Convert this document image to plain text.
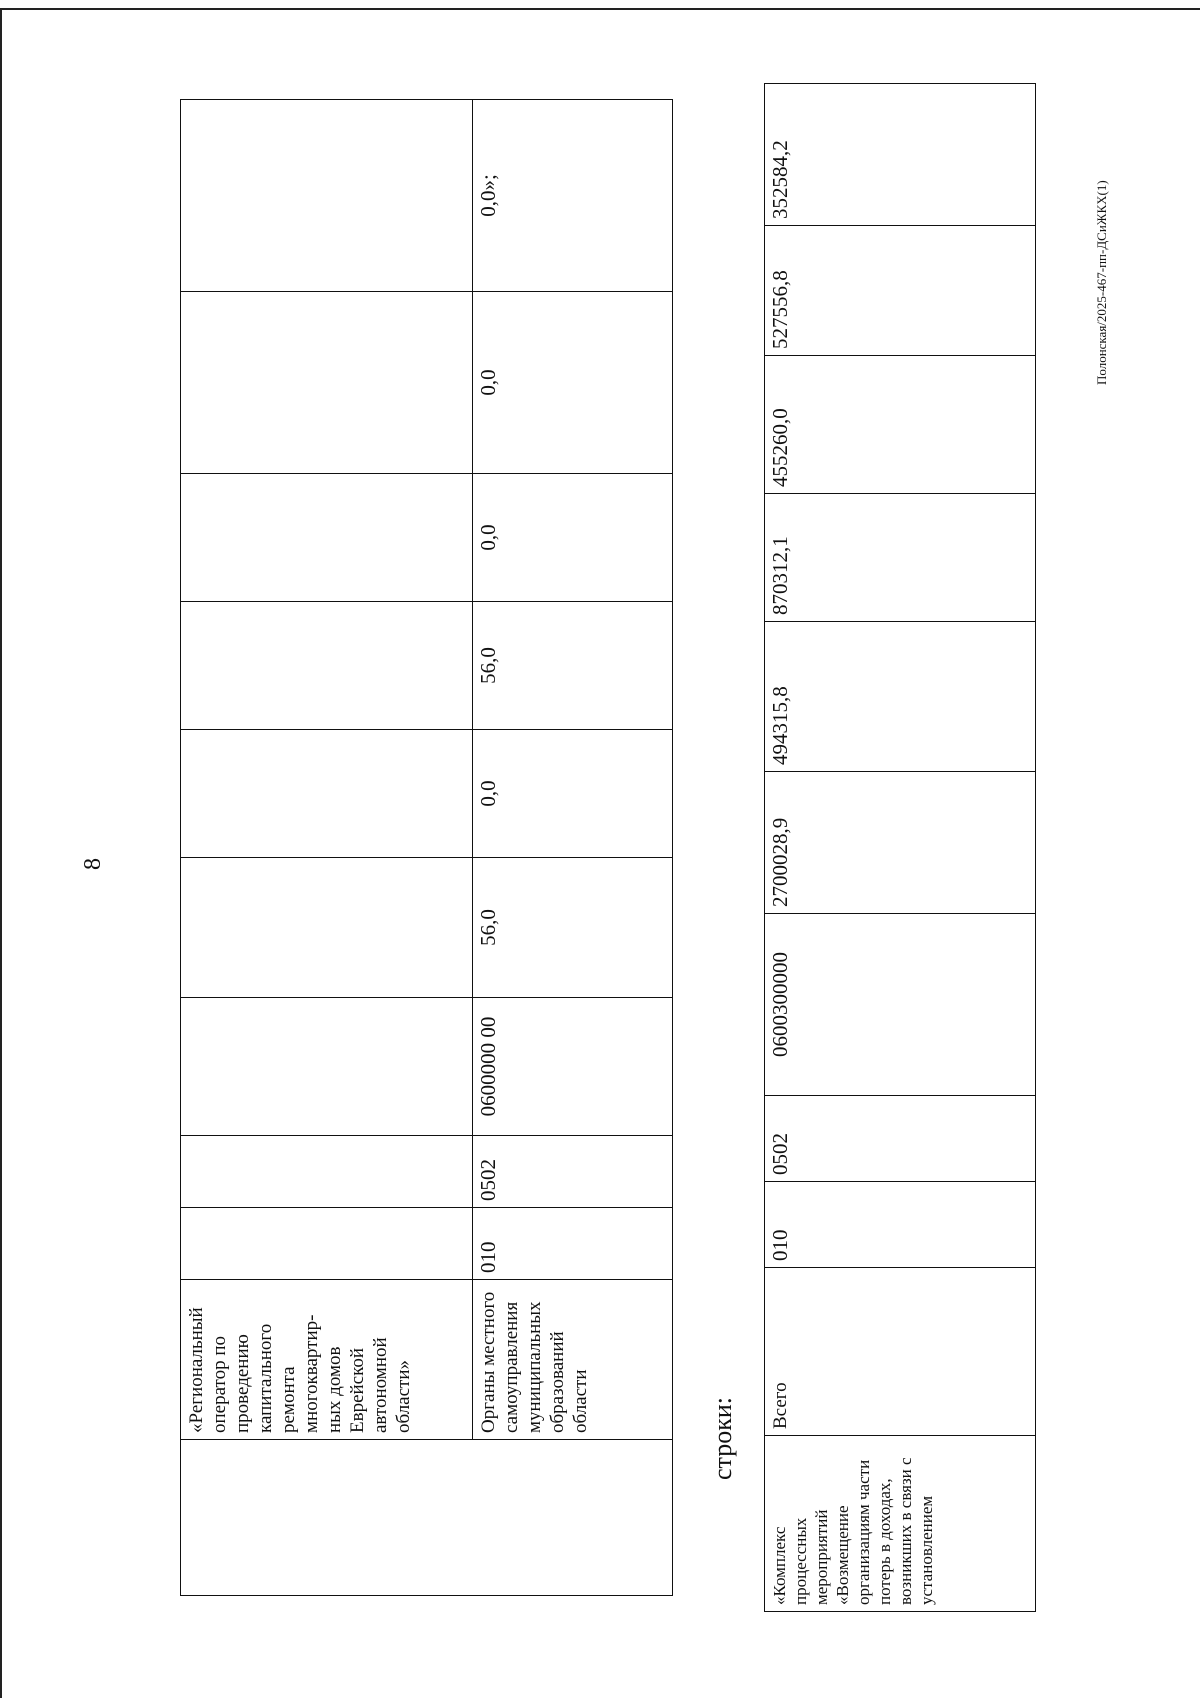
8
	«Региональный оператор по проведению капитального ремонта многоквартир-ных домов Еврейской автономной области»									
	Органы местного самоуправления муниципальных образований области	010	0502	0600000 00	56,0	0,0	56,0	0,0	0,0	0,0»;
строки:
«Комплекс процессных мероприятий «Возмещение организациям части потерь в доходах, возникших в связи с установлением	Всего	010	0502	0600300000	2700028,9	494315,8	870312,1	455260,0	527556,8	352584,2
Полонская/2025-467-пп-ДСиЖКХ(1)
